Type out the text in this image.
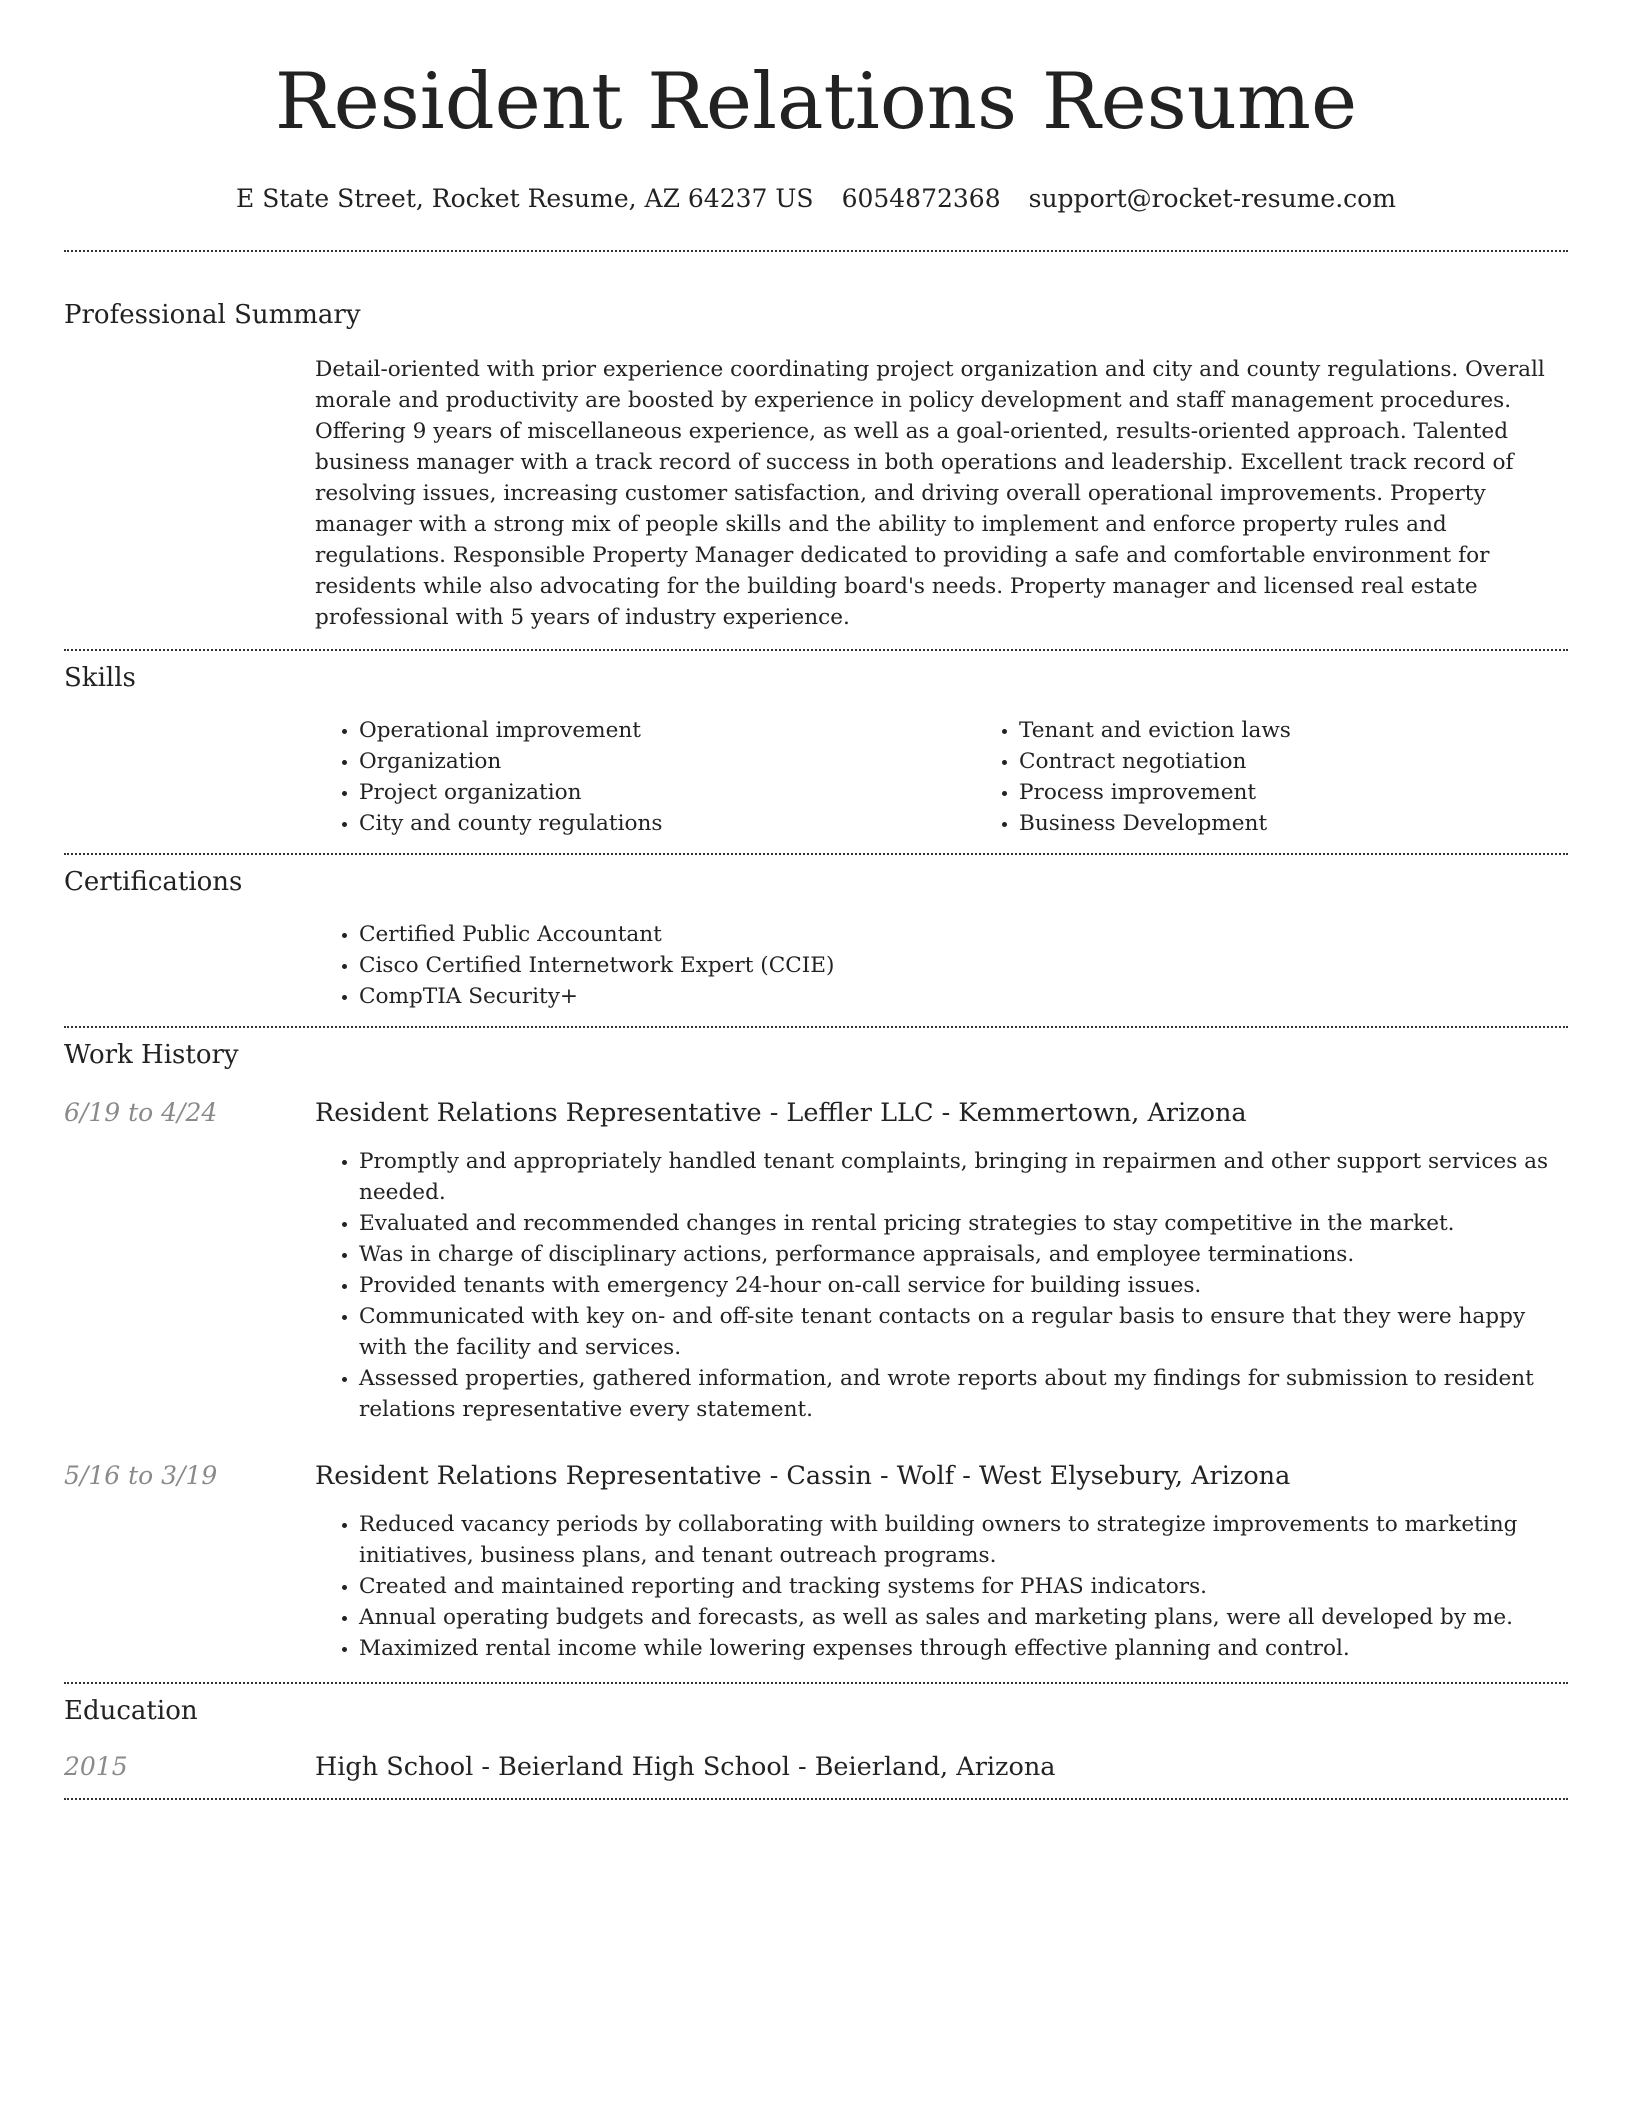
Resident Relations Resume
E State Street, Rocket Resume, AZ 64237 US 6054872368 support@rocket-resume.com
Professional Summary

Detail-oriented with prior experience coordinating project organization and city and county regulations. Overall morale and productivity are boosted by experience in policy development and staff management procedures. Offering 9 years of miscellaneous experience, as well as a goal-oriented, results-oriented approach. Talented business manager with a track record of success in both operations and leadership. Excellent track record of resolving issues, increasing customer satisfaction, and driving overall operational improvements. Property manager with a strong mix of people skills and the ability to implement and enforce property rules and regulations. Responsible Property Manager dedicated to providing a safe and comfortable environment for residents while also advocating for the building board's needs. Property manager and licensed real estate professional with 5 years of industry experience.

Skills
• Operational improvement
• Organization
• Project organization
• City and county regulations
• Tenant and eviction laws
• Contract negotiation
• Process improvement
• Business Development
Certifications
• Certified Public Accountant
• Cisco Certified Internetwork Expert (CCIE)
• CompTIA Security+
Work History
6/19 to 4/24	Resident Relations Representative - Leffler LLC - Kemmertown, Arizona
• Promptly and appropriately handled tenant complaints, bringing in repairmen and other support services as needed.
• Evaluated and recommended changes in rental pricing strategies to stay competitive in the market.
• Was in charge of disciplinary actions, performance appraisals, and employee terminations.
• Provided tenants with emergency 24-hour on-call service for building issues.
• Communicated with key on- and off-site tenant contacts on a regular basis to ensure that they were happy with the facility and services.
• Assessed properties, gathered information, and wrote reports about my findings for submission to resident relations representative every statement.
5/16 to 3/19	Resident Relations Representative - Cassin - Wolf - West Elysebury, Arizona
• Reduced vacancy periods by collaborating with building owners to strategize improvements to marketing initiatives, business plans, and tenant outreach programs.
• Created and maintained reporting and tracking systems for PHAS indicators.
• Annual operating budgets and forecasts, as well as sales and marketing plans, were all developed by me.
• Maximized rental income while lowering expenses through effective planning and control.
Education
2015	High School - Beierland High School - Beierland, Arizona
